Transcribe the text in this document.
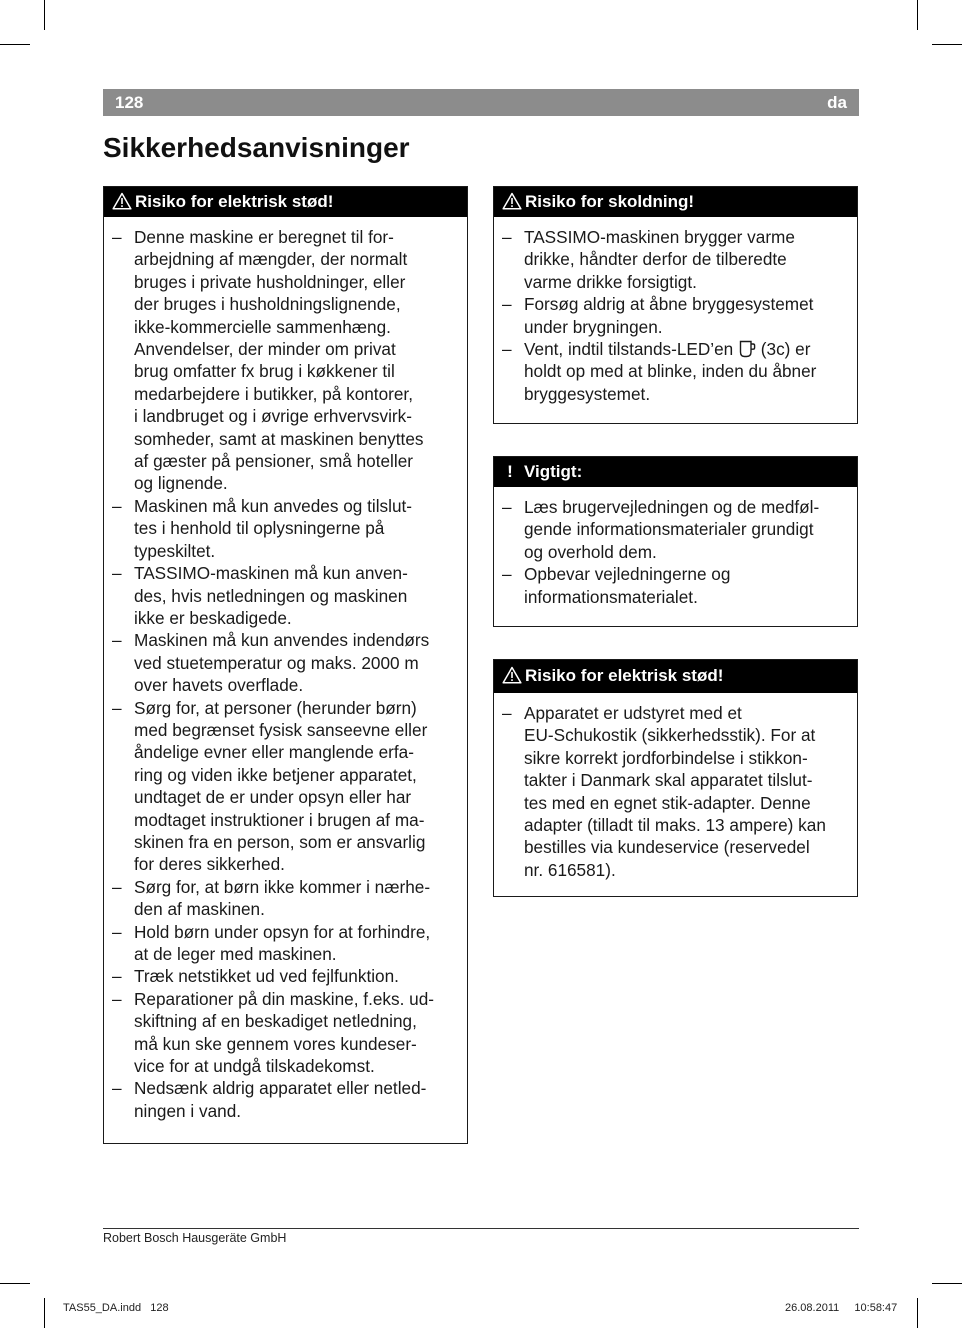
128	da
Sikkerhedsanvisninger
Risiko for elektrisk stød!
– Denne maskine er beregnet til for-
arbejdning af mængder, der normalt
bruges i private husholdninger, eller
der bruges i husholdningslignende,
ikke-kommercielle sammenhæng.
Anvendelser, der minder om privat
brug omfatter fx brug i køkkener til
medarbejdere i butikker, på kontorer,
i landbruget og i øvrige erhvervsvirk-
somheder, samt at maskinen benyttes
af gæster på pensioner, små hoteller
og lignende.
– Maskinen må kun anvedes og tilslut-
tes i henhold til oplysningerne på
typeskiltet.
– TASSIMO-maskinen må kun anven-
des, hvis netledningen og maskinen
ikke er beskadigede.
– Maskinen må kun anvendes indendørs
ved stuetemperatur og maks. 2000 m
over havets overflade.
– Sørg for, at personer (herunder børn)
med begrænset fysisk sanseevne eller
åndelige evner eller manglende erfa-
ring og viden ikke betjener apparatet,
undtaget de er under opsyn eller har
modtaget instruktioner i brugen af ma-
skinen fra en person, som er ansvarlig
for deres sikkerhed.
– Sørg for, at børn ikke kommer i nærhe-
den af maskinen.
– Hold børn under opsyn for at forhindre,
at de leger med maskinen.
– Træk netstikket ud ved fejlfunktion.
– Reparationer på din maskine, f.eks. ud-
skiftning af en beskadiget netledning,
må kun ske gennem vores kundeser-
vice for at undgå tilskadekomst.
– Nedsænk aldrig apparatet eller netled-
ningen i vand.
Risiko for skoldning!
– TASSIMO-maskinen brygger varme
drikke, håndter derfor de tilberedte
varme drikke forsigtigt.
– Forsøg aldrig at åbne bryggesystemet
under brygningen.
– Vent, indtil tilstands-LED’en  (3c) er
holdt op med at blinke, inden du åbner
bryggesystemet.
! Vigtigt:
– Læs brugervejledningen og de medføl-
gende informationsmaterialer grundigt
og overhold dem.
– Opbevar vejledningerne og
informationsmaterialet.
Risiko for elektrisk stød!
– Apparatet er udstyret med et
EU-Schukostik (sikkerhedsstik). For at
sikre korrekt jordforbindelse i stikkon-
takter i Danmark skal apparatet tilslut-
tes med en egnet stik-adapter. Denne
adapter (tilladt til maks. 13 ampere) kan
bestilles via kundeservice (reservedel
nr. 616581).
Robert Bosch Hausgeräte GmbH
TAS55_DA.indd   128	26.08.2011   10:58:47
